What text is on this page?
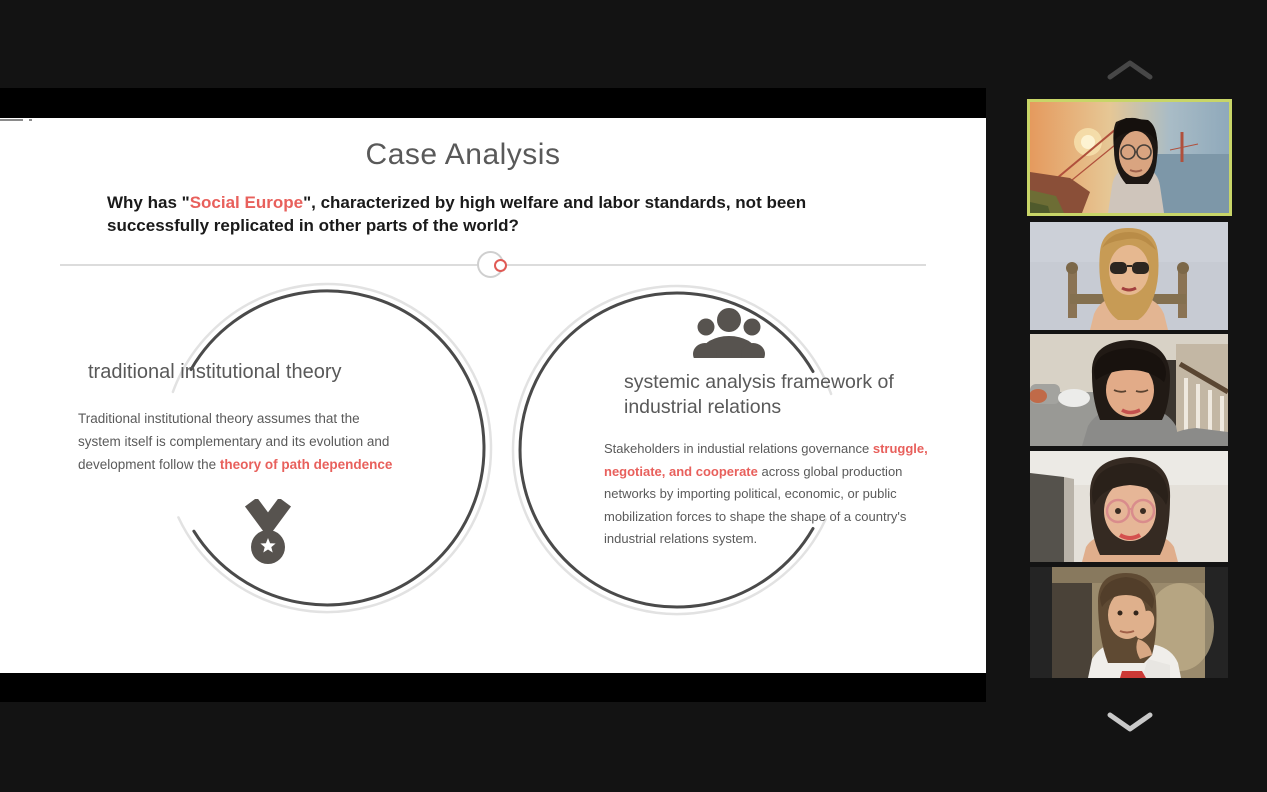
Case Analysis
Why has "Social Europe", characterized by high welfare and labor standards, not been successfully replicated in other parts of the world?
traditional institutional theory
Traditional institutional theory assumes that the system itself is complementary and its evolution and development follow the theory of path dependence
systemic analysis framework of industrial relations
Stakeholders in industial relations governance struggle, negotiate, and cooperate across global production networks by importing political, economic, or public mobilization forces to shape the shape of a country's industrial relations system.
